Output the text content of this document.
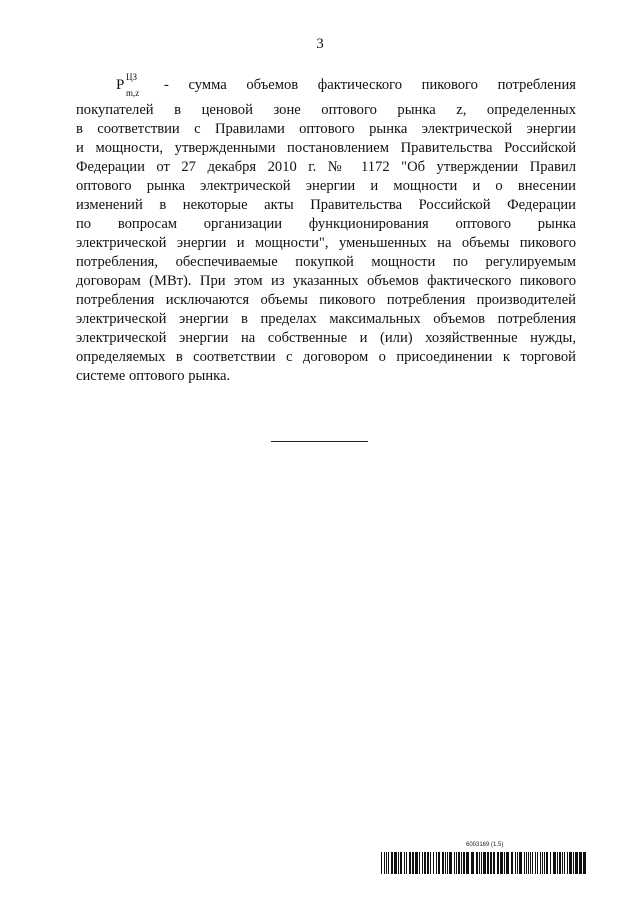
3
P ЦЗ
m,z - сумма объемов фактического пикового потребления
покупателей в ценовой зоне оптового рынка z, определенных
в соответствии с Правилами оптового рынка электрической энергии
и мощности, утвержденными постановлением Правительства Российской
Федерации от 27 декабря 2010 г. № 1172 "Об утверждении Правил
оптового рынка электрической энергии и мощности и о внесении
изменений в некоторые акты Правительства Российской Федерации
по вопросам организации функционирования оптового рынка
электрической энергии и мощности", уменьшенных на объемы пикового
потребления, обеспечиваемые покупкой мощности по регулируемым
договорам (МВт). При этом из указанных объемов фактического пикового
потребления исключаются объемы пикового потребления производителей
электрической энергии в пределах максимальных объемов потребления
электрической энергии на собственные и (или) хозяйственные нужды,
определяемых в соответствии с договором о присоединении к торговой
системе оптового рынка.
6003169 (1.5)
